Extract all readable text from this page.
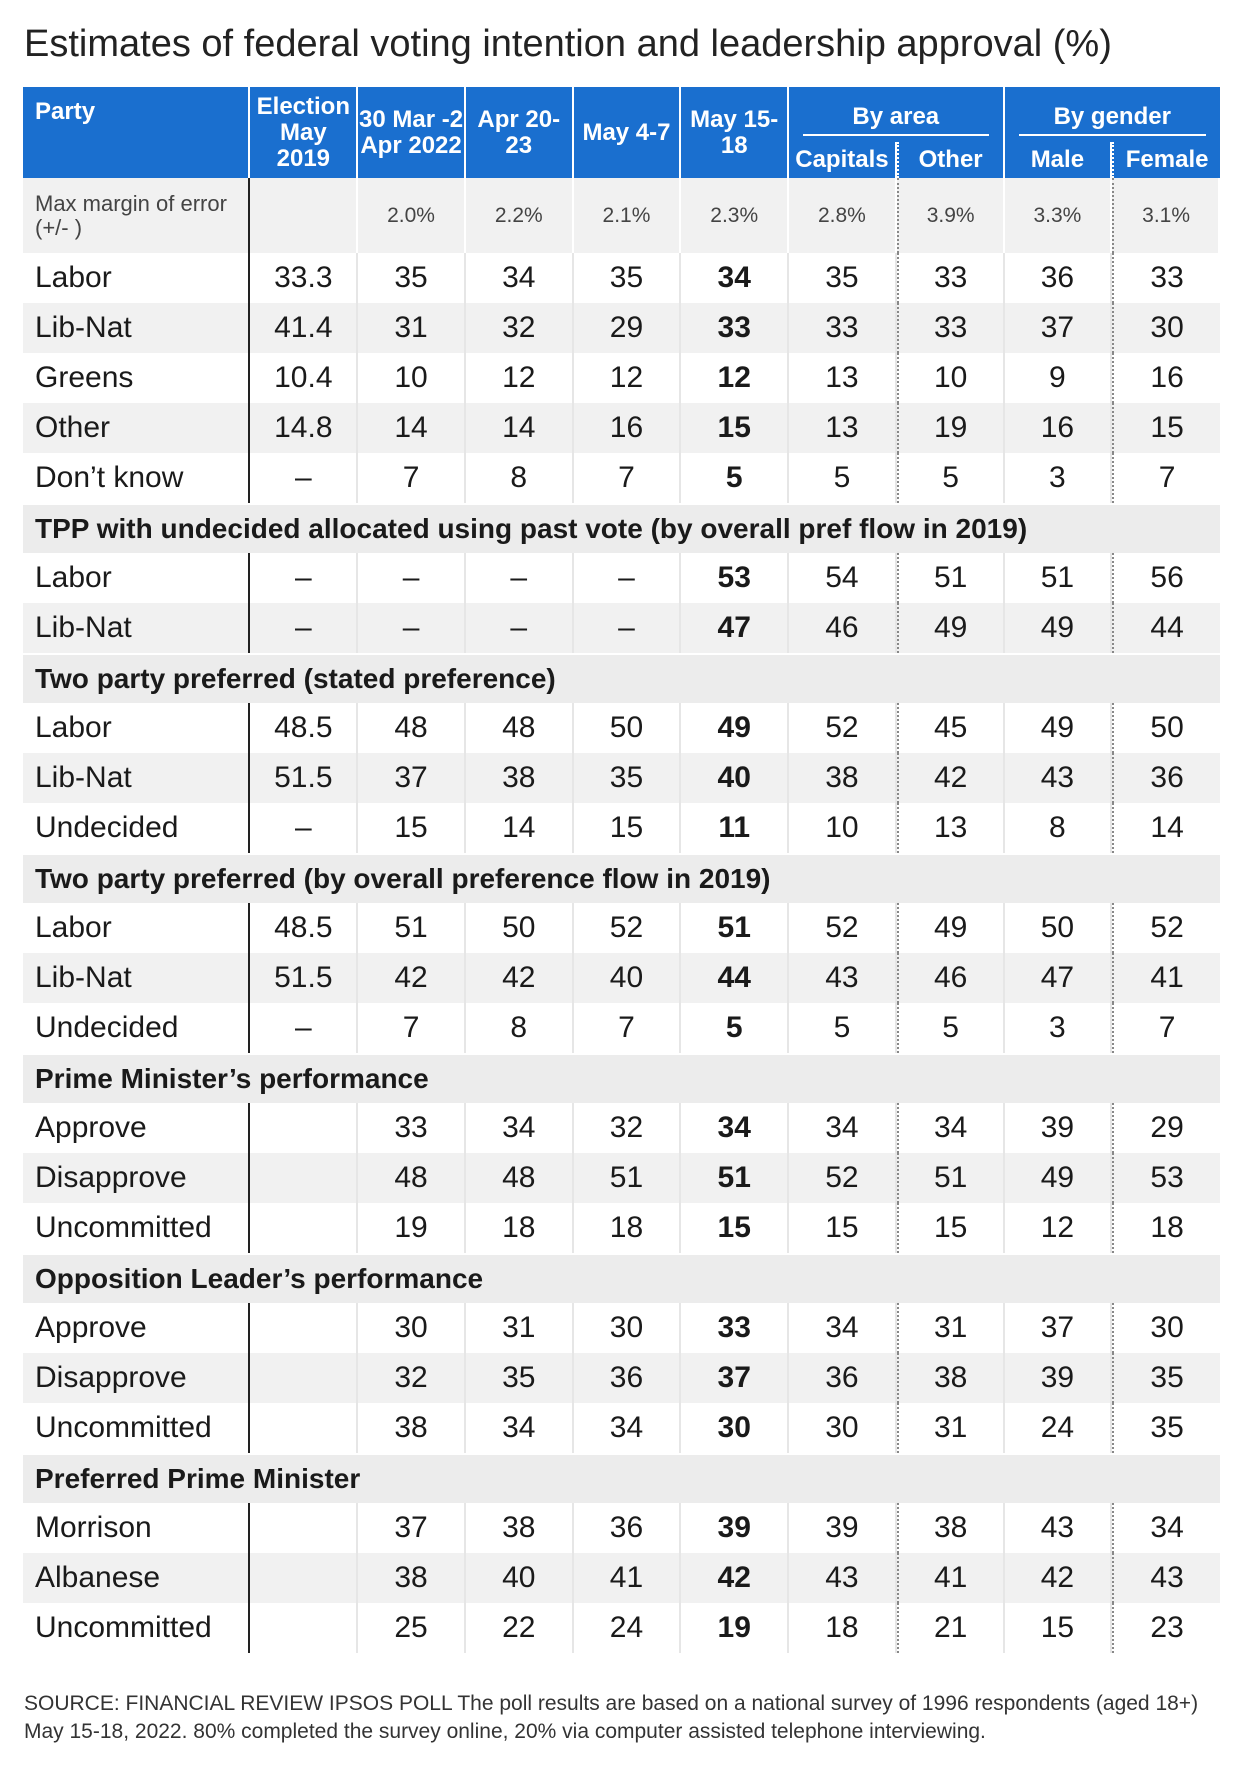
Estimates of federal voting intention and leadership approval (%)
Party	Election May 2019	30 Mar -2 Apr 2022	Apr 20-23	May 4-7	May 15-18	By area		By gender	

						Capitals	Other	Male	Female
Max margin of error (+/- )		2.0%	2.2%	2.1%	2.3%	2.8%	3.9%	3.3%	3.1%
Labor	33.3	35	34	35	34	35	33	36	33
Lib-Nat	41.4	31	32	29	33	33	33	37	30
Greens	10.4	10	12	12	12	13	10	9	16
Other	14.8	14	14	16	15	13	19	16	15
Don’t know	–	7	8	7	5	5	5	3	7
TPP with undecided allocated using past vote (by overall pref flow in 2019)									
Labor	–	–	–	–	53	54	51	51	56
Lib-Nat	–	–	–	–	47	46	49	49	44
Two party preferred (stated preference)									
Labor	48.5	48	48	50	49	52	45	49	50
Lib-Nat	51.5	37	38	35	40	38	42	43	36
Undecided	–	15	14	15	11	10	13	8	14
Two party preferred (by overall preference flow in 2019)									
Labor	48.5	51	50	52	51	52	49	50	52
Lib-Nat	51.5	42	42	40	44	43	46	47	41
Undecided	–	7	8	7	5	5	5	3	7
Prime Minister’s performance									
Approve		33	34	32	34	34	34	39	29
Disapprove		48	48	51	51	52	51	49	53
Uncommitted		19	18	18	15	15	15	12	18
Opposition Leader’s performance									
Approve		30	31	30	33	34	31	37	30
Disapprove		32	35	36	37	36	38	39	35
Uncommitted		38	34	34	30	30	31	24	35
Preferred Prime Minister									
Morrison		37	38	36	39	39	38	43	34
Albanese		38	40	41	42	43	41	42	43
Uncommitted		25	22	24	19	18	21	15	23
SOURCE: FINANCIAL REVIEW IPSOS POLL The poll results are based on a national survey of 1996 respondents (aged 18+) May 15-18, 2022. 80% completed the survey online, 20% via computer assisted telephone interviewing.
